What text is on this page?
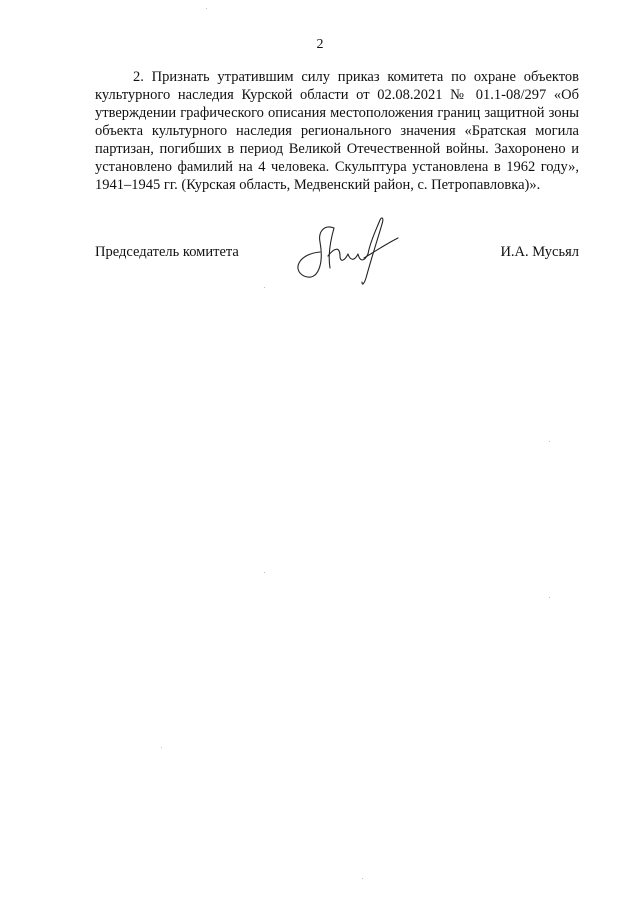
2

2. Признать утратившим силу приказ комитета по охране объектов культурного наследия Курской области от 02.08.2021 № 01.1-08/297 «Об утверждении графического описания местоположения границ защитной зоны объекта культурного наследия регионального значения «Братская могила партизан, погибших в период Великой Отечественной войны. Захоронено и установлено фамилий на 4 человека. Скульптура установлена в 1962 году», 1941–1945 гг. (Курская область, Медвенский район, с. Петропавловка)».

Председатель комитета	И.А. Мусьял
